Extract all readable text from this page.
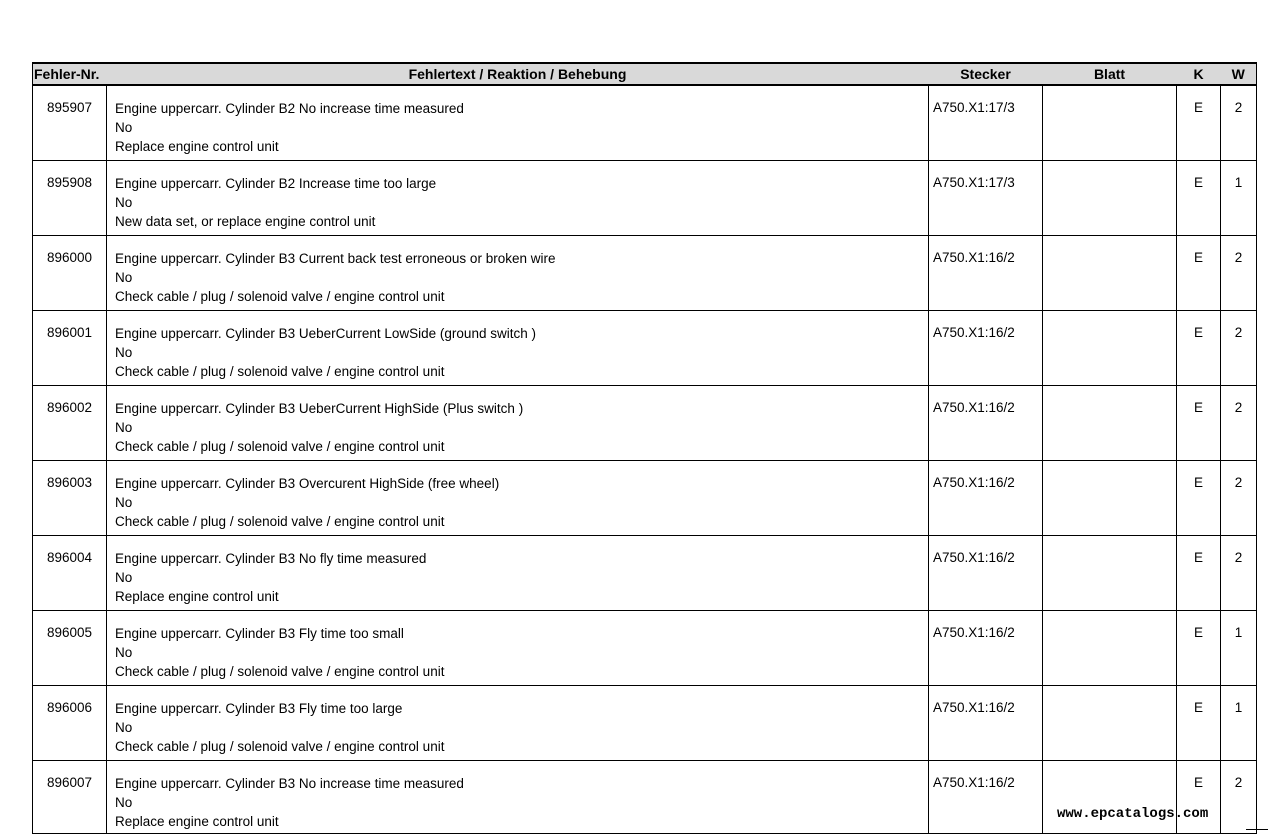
Fehler-Nr.	Fehlertext / Reaktion / Behebung	Stecker	Blatt	K	W
895907	Engine uppercarr. Cylinder B2 No increase time measured
No
Replace engine control unit	A750.X1:17/3		E	2
895908	Engine uppercarr. Cylinder B2 Increase time too large
No
New data set, or replace engine control unit	A750.X1:17/3		E	1
896000	Engine uppercarr. Cylinder B3 Current back test erroneous or broken wire
No
Check cable / plug / solenoid valve / engine control unit	A750.X1:16/2		E	2
896001	Engine uppercarr. Cylinder B3 UeberCurrent LowSide (ground switch )
No
Check cable / plug / solenoid valve / engine control unit	A750.X1:16/2		E	2
896002	Engine uppercarr. Cylinder B3 UeberCurrent HighSide (Plus switch )
No
Check cable / plug / solenoid valve / engine control unit	A750.X1:16/2		E	2
896003	Engine uppercarr. Cylinder B3 Overcurent HighSide (free wheel)
No
Check cable / plug / solenoid valve / engine control unit	A750.X1:16/2		E	2
896004	Engine uppercarr. Cylinder B3 No fly time measured
No
Replace engine control unit	A750.X1:16/2		E	2
896005	Engine uppercarr. Cylinder B3 Fly time too small
No
Check cable / plug / solenoid valve / engine control unit	A750.X1:16/2		E	1
896006	Engine uppercarr. Cylinder B3 Fly time too large
No
Check cable / plug / solenoid valve / engine control unit	A750.X1:16/2		E	1
896007	Engine uppercarr. Cylinder B3 No increase time measured
No
Replace engine control unit	A750.X1:16/2		E	2
www.epcatalogs.com
